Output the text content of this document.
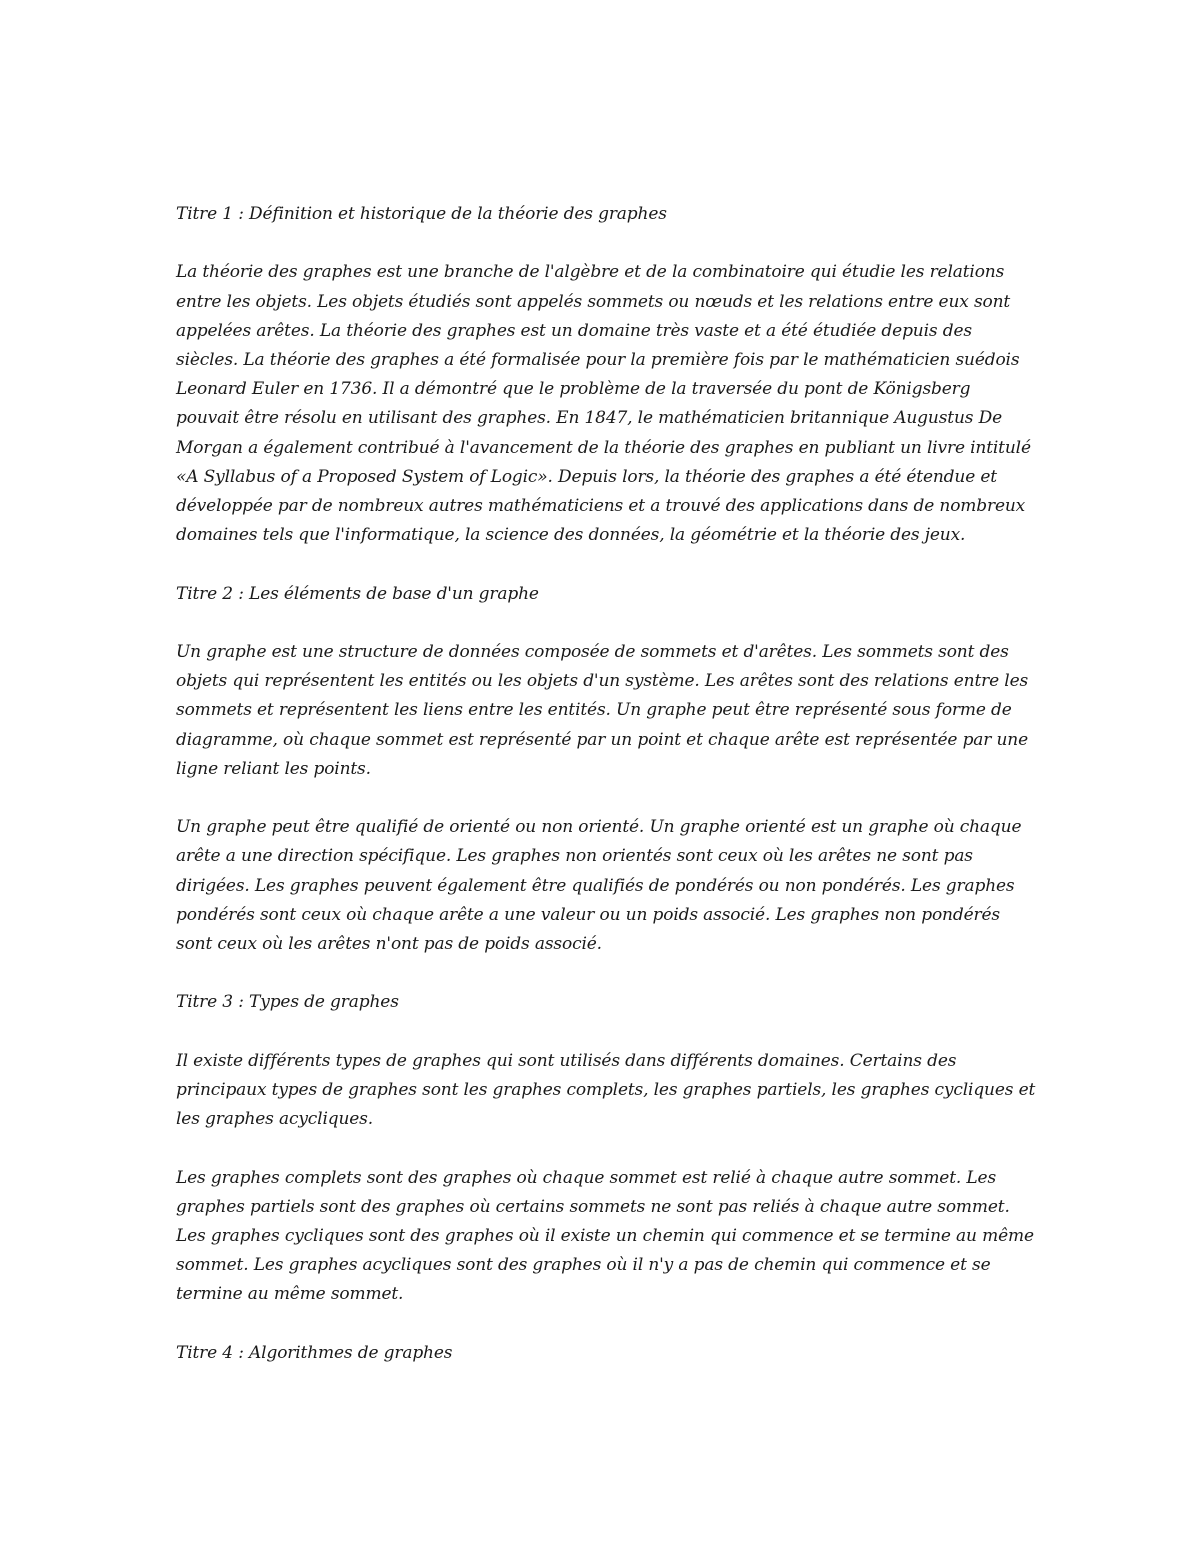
Titre 1 : Définition et historique de la théorie des graphes

La théorie des graphes est une branche de l'algèbre et de la combinatoire qui étudie les relations entre les objets. Les objets étudiés sont appelés sommets ou nœuds et les relations entre eux sont appelées arêtes. La théorie des graphes est un domaine très vaste et a été étudiée depuis des siècles. La théorie des graphes a été formalisée pour la première fois par le mathématicien suédois Leonard Euler en 1736. Il a démontré que le problème de la traversée du pont de Königsberg pouvait être résolu en utilisant des graphes. En 1847, le mathématicien britannique Augustus De Morgan a également contribué à l'avancement de la théorie des graphes en publiant un livre intitulé «A Syllabus of a Proposed System of Logic». Depuis lors, la théorie des graphes a été étendue et développée par de nombreux autres mathématiciens et a trouvé des applications dans de nombreux domaines tels que l'informatique, la science des données, la géométrie et la théorie des jeux.

Titre 2 : Les éléments de base d'un graphe

Un graphe est une structure de données composée de sommets et d'arêtes. Les sommets sont des objets qui représentent les entités ou les objets d'un système. Les arêtes sont des relations entre les sommets et représentent les liens entre les entités. Un graphe peut être représenté sous forme de diagramme, où chaque sommet est représenté par un point et chaque arête est représentée par une ligne reliant les points.

Un graphe peut être qualifié de orienté ou non orienté. Un graphe orienté est un graphe où chaque arête a une direction spécifique. Les graphes non orientés sont ceux où les arêtes ne sont pas dirigées. Les graphes peuvent également être qualifiés de pondérés ou non pondérés. Les graphes pondérés sont ceux où chaque arête a une valeur ou un poids associé. Les graphes non pondérés sont ceux où les arêtes n'ont pas de poids associé.

Titre 3 : Types de graphes

Il existe différents types de graphes qui sont utilisés dans différents domaines. Certains des principaux types de graphes sont les graphes complets, les graphes partiels, les graphes cycliques et les graphes acycliques.

Les graphes complets sont des graphes où chaque sommet est relié à chaque autre sommet. Les graphes partiels sont des graphes où certains sommets ne sont pas reliés à chaque autre sommet. Les graphes cycliques sont des graphes où il existe un chemin qui commence et se termine au même sommet. Les graphes acycliques sont des graphes où il n'y a pas de chemin qui commence et se termine au même sommet.

Titre 4 : Algorithmes de graphes
